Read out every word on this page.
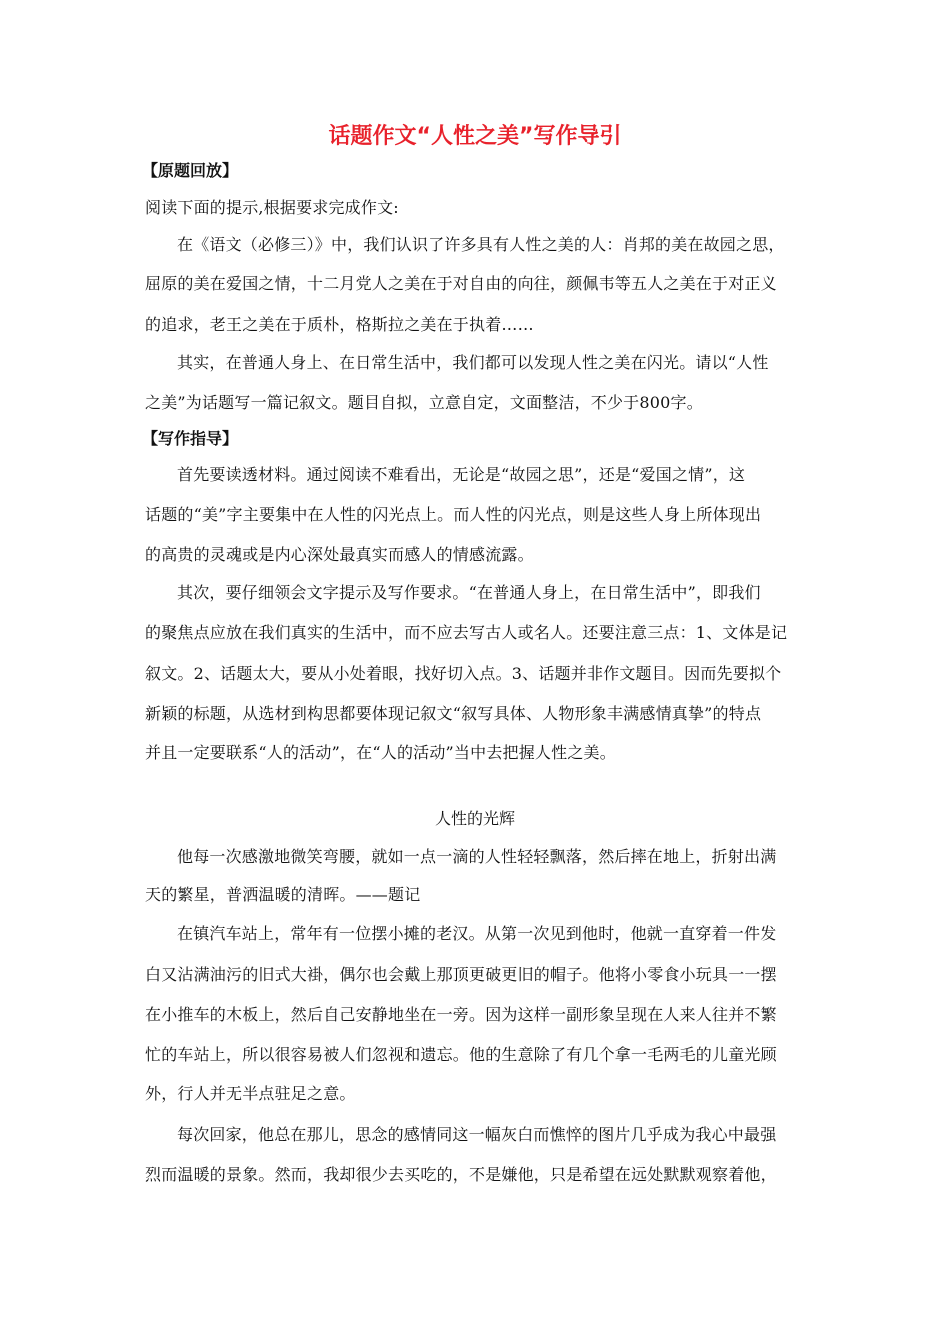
话题作文“人性之美”写作导引
【原题回放】
阅读下面的提示,根据要求完成作文:
在《语文（必修三）》中，我们认识了许多具有人性之美的人：肖邦的美在故园之思，
屈原的美在爱国之情，十二月党人之美在于对自由的向往，颜佩韦等五人之美在于对正义
的追求，老王之美在于质朴，格斯拉之美在于执着……
其实，在普通人身上、在日常生活中，我们都可以发现人性之美在闪光。请以“人性
之美”为话题写一篇记叙文。题目自拟，立意自定，文面整洁，不少于800字。
【写作指导】
首先要读透材料。通过阅读不难看出，无论是“故园之思”，还是“爱国之情”，这
话题的“美”字主要集中在人性的闪光点上。而人性的闪光点，则是这些人身上所体现出
的高贵的灵魂或是内心深处最真实而感人的情感流露。
其次，要仔细领会文字提示及写作要求。“在普通人身上，在日常生活中”，即我们
的聚焦点应放在我们真实的生活中，而不应去写古人或名人。还要注意三点：1、文体是记
叙文。2、话题太大，要从小处着眼，找好切入点。3、话题并非作文题目。因而先要拟个
新颖的标题，从选材到构思都要体现记叙文“叙写具体、人物形象丰满感情真挚”的特点
并且一定要联系“人的活动”，在“人的活动”当中去把握人性之美。
人性的光辉
他每一次感激地微笑弯腰，就如一点一滴的人性轻轻飘落，然后摔在地上，折射出满
天的繁星，普洒温暖的清晖。——题记
在镇汽车站上，常年有一位摆小摊的老汉。从第一次见到他时，他就一直穿着一件发
白又沾满油污的旧式大褂，偶尔也会戴上那顶更破更旧的帽子。他将小零食小玩具一一摆
在小推车的木板上，然后自己安静地坐在一旁。因为这样一副形象呈现在人来人往并不繁
忙的车站上，所以很容易被人们忽视和遗忘。他的生意除了有几个拿一毛两毛的儿童光顾
外，行人并无半点驻足之意。
每次回家，他总在那儿，思念的感情同这一幅灰白而憔悴的图片几乎成为我心中最强
烈而温暖的景象。然而，我却很少去买吃的，不是嫌他，只是希望在远处默默观察着他，
